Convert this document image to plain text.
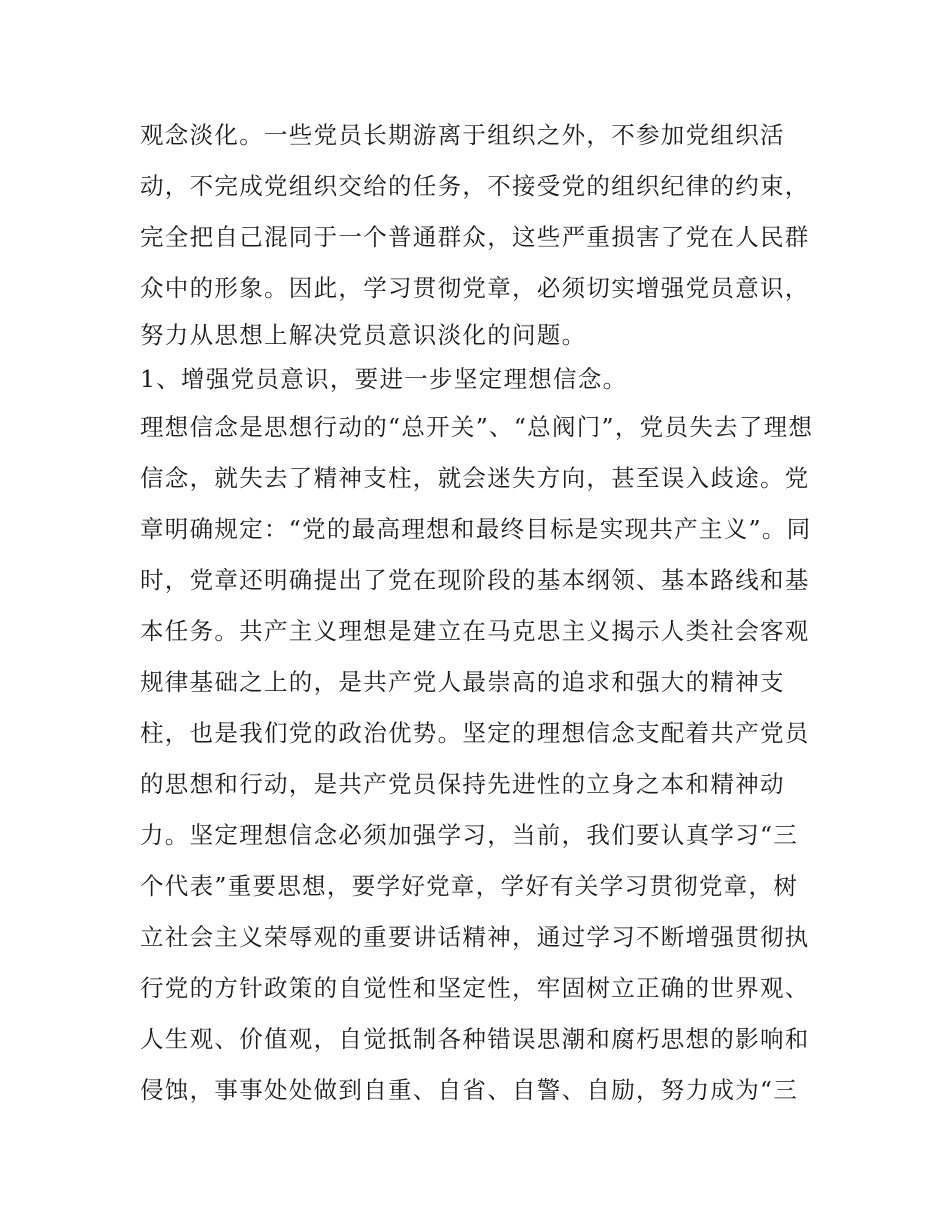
观念淡化。一些党员长期游离于组织之外，不参加党组织活
动，不完成党组织交给的任务，不接受党的组织纪律的约束，
完全把自己混同于一个普通群众，这些严重损害了党在人民群
众中的形象。因此，学习贯彻党章，必须切实增强党员意识，
努力从思想上解决党员意识淡化的问题。
1、增强党员意识，要进一步坚定理想信念。
理想信念是思想行动的“总开关”、“总阀门”，党员失去了理想
信念，就失去了精神支柱，就会迷失方向，甚至误入歧途。党
章明确规定：“党的最高理想和最终目标是实现共产主义”。同
时，党章还明确提出了党在现阶段的基本纲领、基本路线和基
本任务。共产主义理想是建立在马克思主义揭示人类社会客观
规律基础之上的，是共产党人最崇高的追求和强大的精神支
柱，也是我们党的政治优势。坚定的理想信念支配着共产党员
的思想和行动，是共产党员保持先进性的立身之本和精神动
力。坚定理想信念必须加强学习，当前，我们要认真学习“三
个代表”重要思想，要学好党章，学好有关学习贯彻党章，树
立社会主义荣辱观的重要讲话精神，通过学习不断增强贯彻执
行党的方针政策的自觉性和坚定性，牢固树立正确的世界观、
人生观、价值观，自觉抵制各种错误思潮和腐朽思想的影响和
侵蚀，事事处处做到自重、自省、自警、自励，努力成为“三
